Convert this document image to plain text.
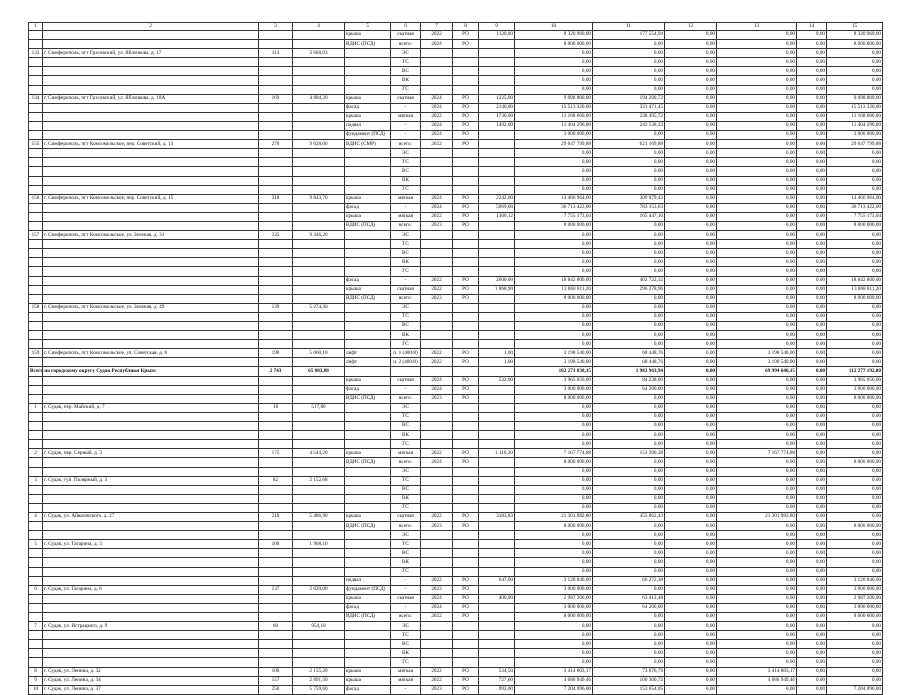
1	2	3	4	5	6	7	8	9	10	11	12	13	14	15
				крыша	скатная	2022	РО	1120,00	8 320 960,00	177 554,94	0,00	0,00	0,00	8 320 960,00
				ВДИС (ПСД)	всего:	2024	РО		8 000 000,00	0,00	0,00	0,00	0,00	8 000 000,00
133	г. Симферополь, пгт Грэсовский, ул. Яблочкова, д. 17	113	3 668,03		ЭС				0,00	0,00	0,00	0,00	0,00	0,00
					ТС				0,00	0,00	0,00	0,00	0,00	0,00
					ВС				0,00	0,00	0,00	0,00	0,00	0,00
					ВК				0,00	0,00	0,00	0,00	0,00	0,00
					ГС				0,00	0,00	0,00	0,00	0,00	0,00
134	г. Симферополь, пгт Грэсовский, ул. Яблочкова, д. 18А	169	4 804,20	крыша	скатная	2024	РО	1225,00	9 098 800,00	194 200,72	0,00	0,00	0,00	9 098 800,00
				фасад	-	2024	РО	2140,00	15 513 320,00	331 471,45	0,00	0,00	0,00	15 513 320,00
				крыша	мягкая	2022	РО	1730,00	11 168 660,00	238 495,72	0,00	0,00	0,00	11 168 660,00
				подвал	-	2024	РО	1492,00	11 404 296,00	243 538,33	0,00	0,00	0,00	11 404 296,00
				фундамент (ПСД)	-	2024	РО		3 000 000,00	0,00	0,00	0,00	0,00	3 000 000,00
155	г. Симферополь, пгт Комсомольское, пер. Советский, д. 13	270	9 628,00	ВДИС (СМР)	всего:	2022	РО		29 647 799,88	621 169,88	0,00	0,00	0,00	29 647 799,88
					ЭС				0,00	0,00	0,00	0,00	0,00	0,00
					ТС				0,00	0,00	0,00	0,00	0,00	0,00
					ВС				0,00	0,00	0,00	0,00	0,00	0,00
					ВК				0,00	0,00	0,00	0,00	0,00	0,00
					ГС				0,00	0,00	0,00	0,00	0,00	0,00
156	г. Симферополь, пгт Комсомольское, пер. Советский, д. 15	318	9 843,70	крыша	мягкая	2024	РО	2242,00	14 466 964,00	309 079,43	0,00	0,00	0,00	14 466 964,00
				фасад	-	2024	РО	5069,00	36 713 422,00	783 153,63	0,00	0,00	0,00	36 713 422,00
				крыша	мягкая	2022	РО	1300,12	7 755 173,04	165 447,10	0,00	0,00	0,00	7 755 173,04
				ВДИС (ПСД)	всего:	2023	РО		8 000 000,00	0,00	0,00	0,00	0,00	8 000 000,00
157	г. Симферополь, пгт Комсомольское, ул. Зеленая, д. 31	335	9 346,20		ЭС				0,00	0,00	0,00	0,00	0,00	0,00
					ТС				0,00	0,00	0,00	0,00	0,00	0,00
					ВС				0,00	0,00	0,00	0,00	0,00	0,00
					ВК				0,00	0,00	0,00	0,00	0,00	0,00
					ГС				0,00	0,00	0,00	0,00	0,00	0,00
				фасад	-	2022	РО	2600,00	18 842 800,00	402 722,32	0,00	0,00	0,00	18 842 800,00
				крыша	скатная	2022	РО	1 868,90	13 868 811,20	296 278,96	0,00	0,00	0,00	13 868 811,20
				ВДИС (ПСД)	всего:	2023	РО		8 000 000,00	0,00	0,00	0,00	0,00	8 000 000,00
158	г. Симферополь, пгт Комсомольское, ул. Зеленая, д. 49	139	5 274,30		ЭС				0,00	0,00	0,00	0,00	0,00	0,00
					ТС				0,00	0,00	0,00	0,00	0,00	0,00
					ВС				0,00	0,00	0,00	0,00	0,00	0,00
					ВК				0,00	0,00	0,00	0,00	0,00	0,00
					ГС				0,00	0,00	0,00	0,00	0,00	0,00
159	г. Симферополь, пгт Комсомольское, ул. Советская, д. 8	190	5 660,10	лифт	п. 1 (400/8)	2022	РО	1,00	3 198 540,00	68 448,76	0,00	3 198 540,00	0,00	0,00
				лифт	п. 2 (400/8)	2022	РО	1,00	3 198 540,00	68 448,76	0,00	3 198 540,00	0,00	0,00
Всего по городскому округу Судак Республики Крым:		2 743	65 803,88						182 271 838,15	1 983 963,94	0,00	69 994 646,15	0,00	112 277 192,00
				крыша	скатная	2024	РО	532,00	3 965 056,00	84 238,60	0,00	0,00	0,00	3 965 056,00
				фасад	-	2024	РО		3 000 000,00	64 200,00	0,00	0,00	0,00	3 000 000,00
				ВДИС (ПСД)	всего:	2023	РО		8 000 000,00	0,00	0,00	0,00	0,00	8 000 000,00
1	г. Судак, пер. Майский, д. 7	18	517,80		ЭС				0,00	0,00	0,00	0,00	0,00	0,00
					ТС				0,00	0,00	0,00	0,00	0,00	0,00
					ВС				0,00	0,00	0,00	0,00	0,00	0,00
					ВК				0,00	0,00	0,00	0,00	0,00	0,00
					ГС				0,00	0,00	0,00	0,00	0,00	0,00
2	г. Судак, пер. Серный, д. 3	175	4 544,20	крыша	мягкая	2022	РО	1 116,30	7 167 774,88	153 390,38	0,00	7 167 774,88	0,00	0,00
				ВДИС (ПСД)	всего:	2024	РО		8 000 000,00	0,00	0,00	0,00	0,00	8 000 000,00
					ЭС				0,00	0,00	0,00	0,00	0,00	0,00
3	г. Судак, туп. Полярный, д. 3	82	2 152,68		ТС				0,00	0,00	0,00	0,00	0,00	0,00
					ВС				0,00	0,00	0,00	0,00	0,00	0,00
					ВК				0,00	0,00	0,00	0,00	0,00	0,00
					ГС				0,00	0,00	0,00	0,00	0,00	0,00
4	г. Судак, ул. Айвазовского, д. 27	210	5 486,90	крыша	скатная	2022	РО	3183,83	21 301 982,80	455 862,43	0,00	21 301 982,80	0,00	0,00
				ВДИС (ПСД)	всего:	2023	РО		8 000 000,00	0,00	0,00	0,00	0,00	8 000 000,00
					ЭС				0,00	0,00	0,00	0,00	0,00	0,00
5	г. Судак, ул. Гагарина, д. 3	100	1 968,10		ТС				0,00	0,00	0,00	0,00	0,00	0,00
					ВС				0,00	0,00	0,00	0,00	0,00	0,00
					ВК				0,00	0,00	0,00	0,00	0,00	0,00
					ГС				0,00	0,00	0,00	0,00	0,00	0,00
				подвал	-	2022	РО	647,00	3 120 840,00	66 272,38	0,00	0,00	0,00	3 120 840,00
6	г. Судак, ул. Гагарина, д. 6	137	2 620,00	фундамент (ПСД)	-	2023	РО		3 000 000,00	0,00	0,00	0,00	0,00	3 000 000,00
				крыша	скатная	2024	РО	400,00	2 987 200,00	63 412,48	0,00	0,00	0,00	2 987 200,00
				фасад	-	2024	РО		3 000 000,00	64 200,00	0,00	0,00	0,00	3 000 000,00
				ВДИС (ПСД)	всего:	2022	РО		8 000 000,00	0,00	0,00	0,00	0,00	8 000 000,00
7	г. Судак, ул. Истрацкого, д. 9	60	954,10		ЭС				0,00	0,00	0,00	0,00	0,00	0,00
					ТС				0,00	0,00	0,00	0,00	0,00	0,00
					ВС				0,00	0,00	0,00	0,00	0,00	0,00
					ВК				0,00	0,00	0,00	0,00	0,00	0,00
					ГС				0,00	0,00	0,00	0,00	0,00	0,00
8	г. Судак, ул. Ленина, д. 32	100	2 155,20	крыша	мягкая	2022	РО	534,50	3 414 803,17	73 076,79	0,00	3 414 803,17	0,00	0,00
9	г. Судак, ул. Ленина, д. 34	157	2 891,50	крыша	мягкая	2022	РО	727,60	4 686 949,46	100 300,72	0,00	4 686 949,46	0,00	0,00
10	г. Судак, ул. Ленина, д. 37	250	5 759,60	фасад	-	2023	РО	992,00	7 204 096,00	153 654,05	0,00	0,00	0,00	7 204 096,00
